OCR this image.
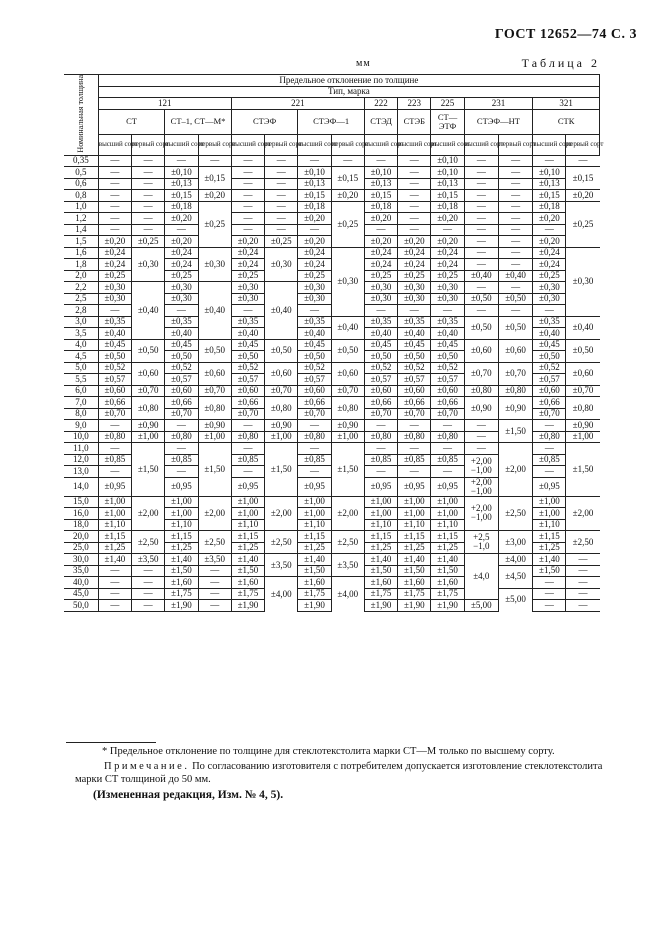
ГОСТ 12652—74 С. 3
мм	Таблица 2
Номинальная толщина	Предельное отклонение по толщине														
	Тип, марка														
	121				221				222	223	225	231		321	
	СТ		СТ–1, СТ—М*		СТЭФ		СТЭФ—1		СТЭД	СТЭБ	СТ—ЭТФ	СТЭФ—НТ		СТК	
	высший сорт	первый сорт	высший сорт	первый сорт	высший сорт	первый сорт	высший сорт	первый сорт	высший сорт	высший сорт	высший сорт	высший сорт	первый сорт	высший сорт	первый сорт
0,35	—	—	—	—	—	—	—	—	—	—	±0,10	—	—	—	—
0,5	—	—	±0,10	±0,15	—	—	±0,10	±0,15	±0,10	—	±0,10	—	—	±0,10	±0,15
0,6	—	—	±0,13		—	—	±0,13		±0,13	—	±0,13	—	—	±0,13	
0,8	—	—	±0,15	±0,20	—	—	±0,15	±0,20	±0,15	—	±0,15	—	—	±0,15	±0,20
1,0	—	—	±0,18	±0,25	—	—	±0,18	±0,25	±0,18	—	±0,18	—	—	±0,18	±0,25
1,2	—	—	±0,20		—	—	±0,20		±0,20	—	±0,20	—	—	±0,20	
1,4	—	—	—		—	—	—		—	—	—	—	—	—	
1,5	±0,20	±0,25	±0,20		±0,20	±0,25	±0,20		±0,20	±0,20	±0,20	—	—	±0,20	
1,6	±0,24	±0,30	±0,24	±0,30	±0,24	±0,30	±0,24	±0,30	±0,24	±0,24	±0,24	—	—	±0,24	±0,30
1,8	±0,24		±0,24		±0,24		±0,24		±0,24	±0,24	±0,24	—	—	±0,24	
2,0	±0,25		±0,25		±0,25		±0,25		±0,25	±0,25	±0,25	±0,40	±0,40	±0,25	
2,2	±0,30	±0,40	±0,30	±0,40	±0,30	±0,40	±0,30		±0,30	±0,30	±0,30	—	—	±0,30	
2,5	±0,30		±0,30		±0,30		±0,30		±0,30	±0,30	±0,30	±0,50	±0,50	±0,30	
2,8	—		—		—		—		—	—	—	—	—	—	
3,0	±0,35		±0,35		±0,35		±0,35	±0,40	±0,35	±0,35	±0,35	±0,50	±0,50	±0,35	±0,40
3,5	±0,40		±0,40		±0,40		±0,40		±0,40	±0,40	±0,40			±0,40	
4,0	±0,45	±0,50	±0,45	±0,50	±0,45	±0,50	±0,45	±0,50	±0,45	±0,45	±0,45	±0,60	±0,60	±0,45	±0,50
4,5	±0,50		±0,50		±0,50		±0,50		±0,50	±0,50	±0,50			±0,50	
5,0	±0,52	±0,60	±0,52	±0,60	±0,52	±0,60	±0,52	±0,60	±0,52	±0,52	±0,52	±0,70	±0,70	±0,52	±0,60
5,5	±0,57		±0,57		±0,57		±0,57		±0,57	±0,57	±0,57			±0,57	
6,0	±0,60	±0,70	±0,60	±0,70	±0,60	±0,70	±0,60	±0,70	±0,60	±0,60	±0,60	±0,80	±0,80	±0,60	±0,70
7,0	±0,66	±0,80	±0,66	±0,80	±0,66	±0,80	±0,66	±0,80	±0,66	±0,66	±0,66	±0,90	±0,90	±0,66	±0,80
8,0	±0,70		±0,70		±0,70		±0,70		±0,70	±0,70	±0,70			±0,70	
9,0	—	±0,90	—	±0,90	—	±0,90	—	±0,90	—	—	—	—	±1,50	—	±0,90
10,0	±0,80	±1,00	±0,80	±1,00	±0,80	±1,00	±0,80	±1,00	±0,80	±0,80	±0,80	—		±0,80	±1,00
11,0	—	±1,50	—	±1,50	—	±1,50	—	±1,50	—	—	—	—	±2,00	—	±1,50
12,0	±0,85		±0,85		±0,85		±0,85		±0,85	±0,85	±0,85	+2,00 −1,00		±0,85	
13,0	—		—		—		—		—	—	—			—	
14,0	±0,95		±0,95		±0,95		±0,95		±0,95	±0,95	±0,95	+2,00 −1,00		±0,95	
15,0	±1,00	±2,00	±1,00	±2,00	±1,00	±2,00	±1,00	±2,00	±1,00	±1,00	±1,00	+2,00 −1,00	±2,50	±1,00	±2,00
16,0	±1,00		±1,00		±1,00		±1,00		±1,00	±1,00	±1,00			±1,00	
18,0	±1,10		±1,10		±1,10		±1,10		±1,10	±1,10	±1,10			±1,10	
20,0	±1,15	±2,50	±1,15	±2,50	±1,15	±2,50	±1,15	±2,50	±1,15	±1,15	±1,15	+2,5 −1,0	±3,00	±1,15	±2,50
25,0	±1,25		±1,25		±1,25		±1,25		±1,25	±1,25	±1,25			±1,25	
30,0	±1,40	±3,50	±1,40	±3,50	±1,40	±3,50	±1,40	±3,50	±1,40	±1,40	±1,40	±4,0	±4,00	±1,40	—
35,0	—	—	±1,50	—	±1,50		±1,50		±1,50	±1,50	±1,50		±4,50	±1,50	—
40,0	—	—	±1,60	—	±1,60	±4,00	±1,60	±4,00	±1,60	±1,60	±1,60			—	—
45,0	—	—	±1,75	—	±1,75		±1,75		±1,75	±1,75	±1,75		±5,00	—	—
50,0	—	—	±1,90	—	±1,90		±1,90		±1,90	±1,90	±1,90	±5,00		—	—
* Предельное отклонение по толщине для стеклотекстолита марки СТ—М только по высшему сорту.
Примечание. По согласованию изготовителя с потребителем допускается изготовление стеклотекстолита марки СТ толщиной до 50 мм.
(Измененная редакция, Изм. № 4, 5).
